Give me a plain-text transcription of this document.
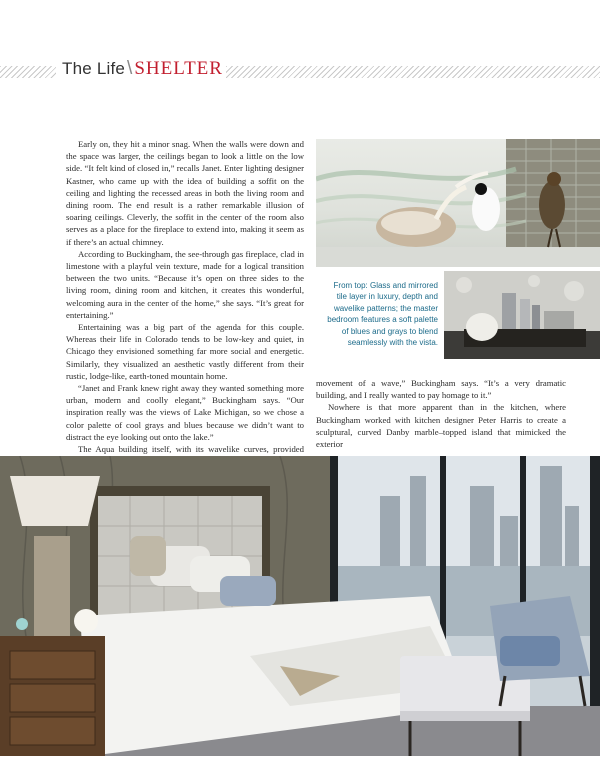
The Life \ SHELTER

Early on, they hit a minor snag. When the walls were down and the space was larger, the ceilings began to look a little on the low side. “It felt kind of closed in,” recalls Janet. Enter lighting designer Kastner, who came up with the idea of building a soffit on the ceiling and lighting the recessed areas in both the living room and dining room. The end result is a rather remarkable illusion of soaring ceilings. Cleverly, the soffit in the center of the room also serves as a place for the fireplace to extend into, making it seem as if there’s an actual chimney.

According to Buckingham, the see-through gas fireplace, clad in limestone with a playful vein texture, made for a logical transition between the two units. “Because it’s open on three sides to the living room, dining room and kitchen, it creates this wonderful, welcoming aura in the center of the home,” she says. “It’s great for entertaining.”

Entertaining was a big part of the agenda for this couple. Whereas their life in Colorado tends to be low-key and quiet, in Chicago they envisioned something far more social and energetic. Similarly, they visualized an aesthetic vastly different from their rustic, lodge-like, earth-toned mountain home.

“Janet and Frank knew right away they wanted something more urban, modern and coolly elegant,” Buckingham says. “Our inspiration really was the views of Lake Michigan, so we chose a color palette of cool grays and blues because we didn’t want to distract the eye looking out onto the lake.”

The Aqua building itself, with its wavelike curves, provided

From top: Glass and mirrored tile layer in luxury, depth and wavelike patterns; the master bedroom features a soft palette of blues and grays to blend seamlessly with the vista.

movement of a wave,” Buckingham says. “It’s a very dramatic building, and I really wanted to pay homage to it.”

Nowhere is that more apparent than in the kitchen, where Buckingham worked with kitchen designer Peter Harris to create a sculptural, curved Danby marble–topped island that mimicked the exterior
